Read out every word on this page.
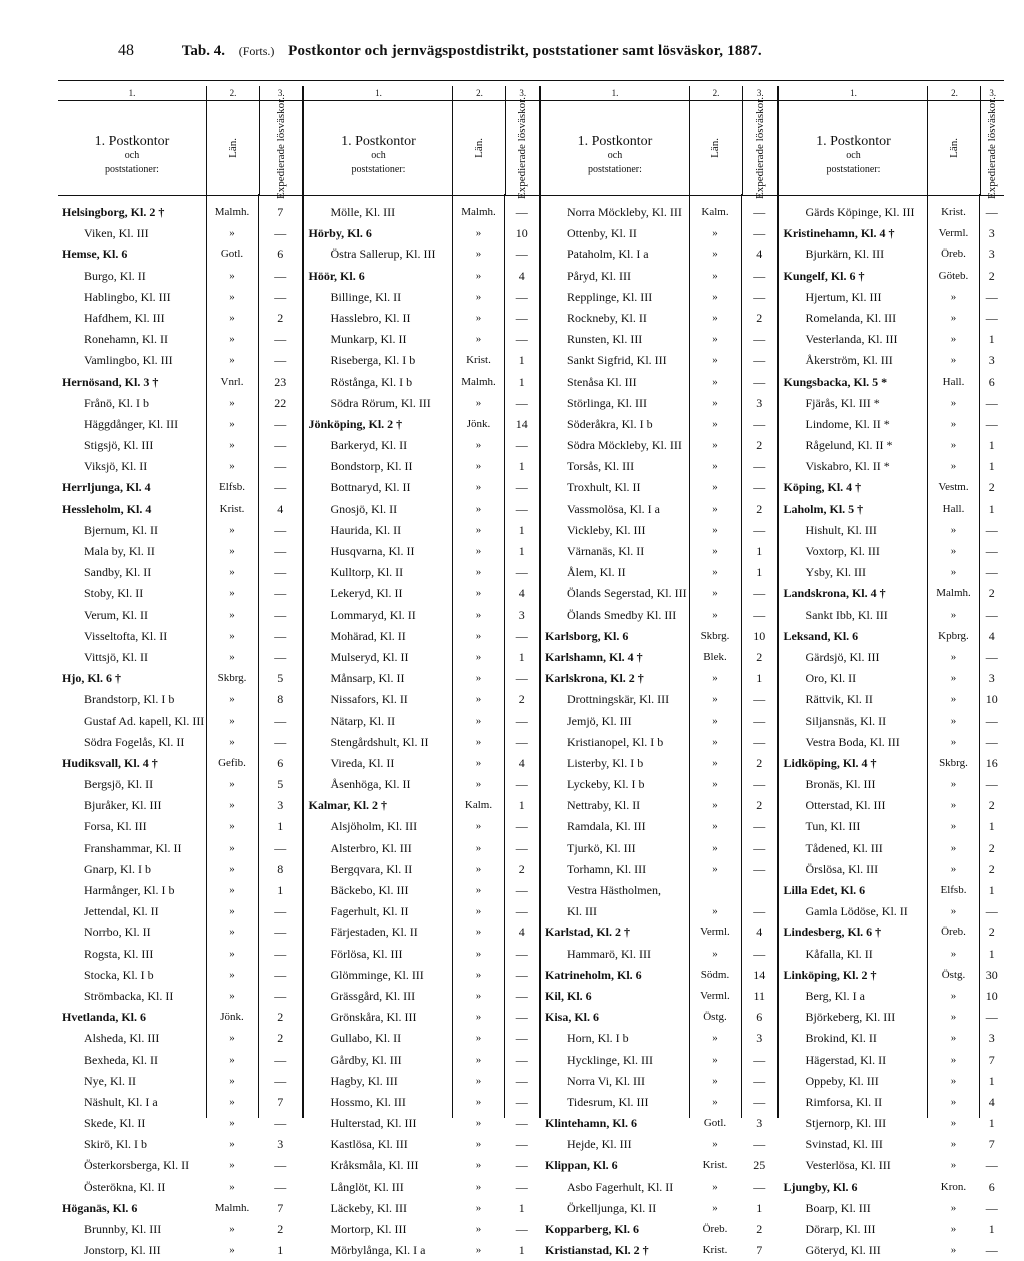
48	Tab. 4. (Forts.) Postkontor och jernvägspostdistrikt, poststationer samt lösväskor, 1887.
1.	2.	3.
1. Postkontor
och
poststationer:
Län.	Expedierade lösväskor.
Helsingborg, Kl. 2 †	Malmh.	7
Viken, Kl. III	»	—
Hemse, Kl. 6	Gotl.	6
Burgo, Kl. II	»	—
Hablingbo, Kl. III	»	—
Hafdhem, Kl. III	»	2
Ronehamn, Kl. II	»	—
Vamlingbo, Kl. III	»	—
Hernösand, Kl. 3 †	Vnrl.	23
Frånö, Kl. I b	»	22
Häggdånger, Kl. III	»	—
Stigsjö, Kl. III	»	—
Viksjö, Kl. II	»	—
Herrljunga, Kl. 4	Elfsb.	—
Hessleholm, Kl. 4	Krist.	4
Bjernum, Kl. II	»	—
Mala by, Kl. II	»	—
Sandby, Kl. II	»	—
Stoby, Kl. II	»	—
Verum, Kl. II	»	—
Visseltofta, Kl. II	»	—
Vittsjö, Kl. II	»	—
Hjo, Kl. 6 †	Skbrg.	5
Brandstorp, Kl. I b	»	8
Gustaf Ad. kapell, Kl. III	»	—
Södra Fogelås, Kl. II	»	—
Hudiksvall, Kl. 4 †	Gefib.	6
Bergsjö, Kl. II	»	5
Bjuråker, Kl. III	»	3
Forsa, Kl. III	»	1
Franshammar, Kl. II	»	—
Gnarp, Kl. I b	»	8
Harmånger, Kl. I b	»	1
Jettendal, Kl. II	»	—
Norrbo, Kl. II	»	—
Rogsta, Kl. III	»	—
Stocka, Kl. I b	»	—
Strömbacka, Kl. II	»	—
Hvetlanda, Kl. 6	Jönk.	2
Alsheda, Kl. III	»	2
Bexheda, Kl. II	»	—
Nye, Kl. II	»	—
Näshult, Kl. I a	»	7
Skede, Kl. II	»	—
Skirö, Kl. I b	»	3
Österkorsberga, Kl. II	»	—
Österökna, Kl. II	»	—
Höganäs, Kl. 6	Malmh.	7
Brunnby, Kl. III	»	2
Jonstorp, Kl. III	»	1
1.	2.	3.
1. Postkontor
och
poststationer:
Län.	Expedierade lösväskor.
Mölle, Kl. III	Malmh.	—
Hörby, Kl. 6	»	10
Östra Sallerup, Kl. III	»	—
Höör, Kl. 6	»	4
Billinge, Kl. II	»	—
Hasslebro, Kl. II	»	—
Munkarp, Kl. II	»	—
Riseberga, Kl. I b	Krist.	1
Röstånga, Kl. I b	Malmh.	1
Södra Rörum, Kl. III	»	—
Jönköping, Kl. 2 †	Jönk.	14
Barkeryd, Kl. II	»	—
Bondstorp, Kl. II	»	1
Bottnaryd, Kl. II	»	—
Gnosjö, Kl. II	»	—
Haurida, Kl. II	»	1
Husqvarna, Kl. II	»	1
Kulltorp, Kl. II	»	—
Lekeryd, Kl. II	»	4
Lommaryd, Kl. II	»	3
Mohärad, Kl. II	»	—
Mulseryd, Kl. II	»	1
Månsarp, Kl. II	»	—
Nissafors, Kl. II	»	2
Nätarp, Kl. II	»	—
Stengårdshult, Kl. II	»	—
Vireda, Kl. II	»	4
Åsenhöga, Kl. II	»	—
Kalmar, Kl. 2 †	Kalm.	1
Alsjöholm, Kl. III	»	—
Alsterbro, Kl. III	»	—
Bergqvara, Kl. II	»	2
Bäckebo, Kl. III	»	—
Fagerhult, Kl. II	»	—
Färjestaden, Kl. II	»	4
Förlösa, Kl. III	»	—
Glömminge, Kl. III	»	—
Grässgård, Kl. III	»	—
Grönskåra, Kl. III	»	—
Gullabo, Kl. II	»	—
Gårdby, Kl. III	»	—
Hagby, Kl. III	»	—
Hossmo, Kl. III	»	—
Hulterstad, Kl. III	»	—
Kastlösa, Kl. III	»	—
Kråksmåla, Kl. III	»	—
Långlöt, Kl. III	»	—
Läckeby, Kl. III	»	1
Mortorp, Kl. III	»	—
Mörbylånga, Kl. I a	»	1
1.	2.	3.
1. Postkontor
och
poststationer:
Län.	Expedierade lösväskor.
Norra Möckleby, Kl. III	Kalm.	—
Ottenby, Kl. II	»	—
Pataholm, Kl. I a	»	4
Påryd, Kl. III	»	—
Repplinge, Kl. III	»	—
Rockneby, Kl. II	»	2
Runsten, Kl. III	»	—
Sankt Sigfrid, Kl. III	»	—
Stenåsa Kl. III	»	—
Störlinga, Kl. III	»	3
Söderåkra, Kl. I b	»	—
Södra Möckleby, Kl. III	»	2
Torsås, Kl. III	»	—
Troxhult, Kl. II	»	—
Vassmolösa, Kl. I a	»	2
Vickleby, Kl. III	»	—
Värnanäs, Kl. II	»	1
Ålem, Kl. II	»	1
Ölands Segerstad, Kl. III	»	—
Ölands Smedby Kl. III	»	—
Karlsborg, Kl. 6	Skbrg.	10
Karlshamn, Kl. 4 †	Blek.	2
Karlskrona, Kl. 2 †	»	1
Drottningskär, Kl. III	»	—
Jemjö, Kl. III	»	—
Kristianopel, Kl. I b	»	—
Listerby, Kl. I b	»	2
Lyckeby, Kl. I b	»	—
Nettraby, Kl. II	»	2
Ramdala, Kl. III	»	—
Tjurkö, Kl. III	»	—
Torhamn, Kl. III	»	—
Vestra Hästholmen,
Kl. III	»	—
Karlstad, Kl. 2 †	Verml.	4
Hammarö, Kl. III	»	—
Katrineholm, Kl. 6	Södm.	14
Kil, Kl. 6	Verml.	11
Kisa, Kl. 6	Östg.	6
Horn, Kl. I b	»	3
Hycklinge, Kl. III	»	—
Norra Vi, Kl. III	»	—
Tidesrum, Kl. III	»	—
Klintehamn, Kl. 6	Gotl.	3
Hejde, Kl. III	»	—
Klippan, Kl. 6	Krist.	25
Asbo Fagerhult, Kl. II	»	—
Örkelljunga, Kl. II	»	1
Kopparberg, Kl. 6	Öreb.	2
Kristianstad, Kl. 2 †	Krist.	7
1.	2.	3.
1. Postkontor
och
poststationer:
Län. Expedierade lösväskor.
Gärds Köpinge, Kl. III	Krist.	—
Kristinehamn, Kl. 4 †	Verml.	3
Bjurkärn, Kl. III	Öreb.	3
Kungelf, Kl. 6 †	Göteb.	2
Hjertum, Kl. III	»	—
Romelanda, Kl. III	»	—
Vesterlanda, Kl. III	»	1
Åkerström, Kl. III	»	3
Kungsbacka, Kl. 5 *	Hall.	6
Fjärås, Kl. III *	»	—
Lindome, Kl. II *	»	—
Rågelund, Kl. II *	»	1
Viskabro, Kl. II *	»	1
Köping, Kl. 4 †	Vestm.	2
Laholm, Kl. 5 †	Hall.	1
Hishult, Kl. III	»	—
Voxtorp, Kl. III	»	—
Ysby, Kl. III	»	—
Landskrona, Kl. 4 †	Malmh.	2
Sankt Ibb, Kl. III	»	—
Leksand, Kl. 6	Kpbrg.	4
Gärdsjö, Kl. III	»	—
Oro, Kl. II	»	3
Rättvik, Kl. II	»	10
Siljansnäs, Kl. II	»	—
Vestra Boda, Kl. III	»	—
Lidköping, Kl. 4 †	Skbrg.	16
Bronäs, Kl. III	»	—
Otterstad, Kl. III	»	2
Tun, Kl. III	»	1
Tådened, Kl. III	»	2
Örslösa, Kl. III	»	2
Lilla Edet, Kl. 6	Elfsb.	1
Gamla Lödöse, Kl. II	»	—
Lindesberg, Kl. 6 †	Öreb.	2
Kåfalla, Kl. II	»	1
Linköping, Kl. 2 †	Östg.	30
Berg, Kl. I a	»	10
Björkeberg, Kl. III	»	—
Brokind, Kl. II	»	3
Hägerstad, Kl. II	»	7
Oppeby, Kl. III	»	1
Rimforsa, Kl. II	»	4
Stjernorp, Kl. III	»	1
Svinstad, Kl. III	»	7
Vesterlösa, Kl. III	»	—
Ljungby, Kl. 6	Kron.	6
Boarp, Kl. III	»	—
Dörarp, Kl. III	»	1
Göteryd, Kl. III	»	—
